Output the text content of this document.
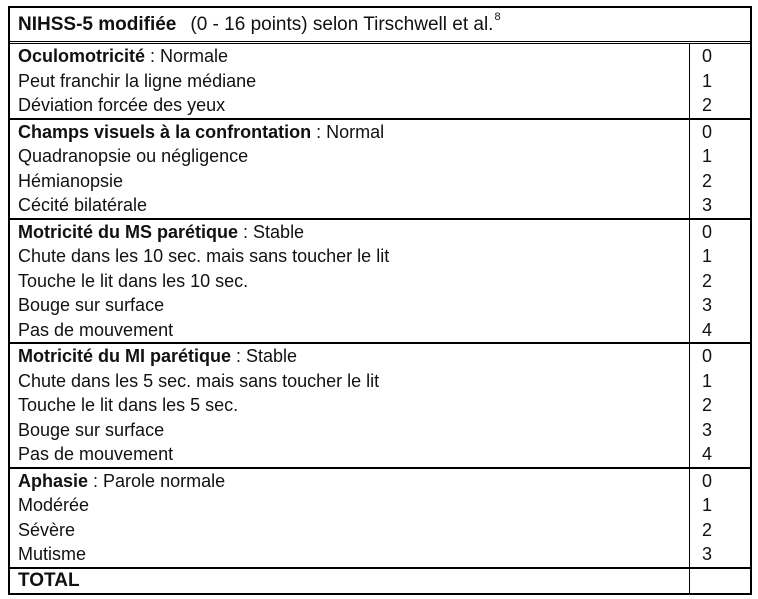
NIHSS-5 modifiée (0 - 16 points) selon Tirschwell et al. 8
Oculomotricité : Normale
Peut franchir la ligne médiane
Déviation forcée des yeux
0
1
2
Champs visuels à la confrontation : Normal
Quadranopsie ou négligence
Hémianopsie
Cécité bilatérale
0
1
2
3
Motricité du MS parétique : Stable
Chute dans les 10 sec. mais sans toucher le lit
Touche le lit dans les 10 sec.
Bouge sur surface
Pas de mouvement
0
1
2
3
4
Motricité du MI parétique : Stable
Chute dans les 5 sec. mais sans toucher le lit
Touche le lit dans les 5 sec.
Bouge sur surface
Pas de mouvement
0
1
2
3
4
Aphasie : Parole normale
Modérée
Sévère
Mutisme
0
1
2
3
TOTAL
